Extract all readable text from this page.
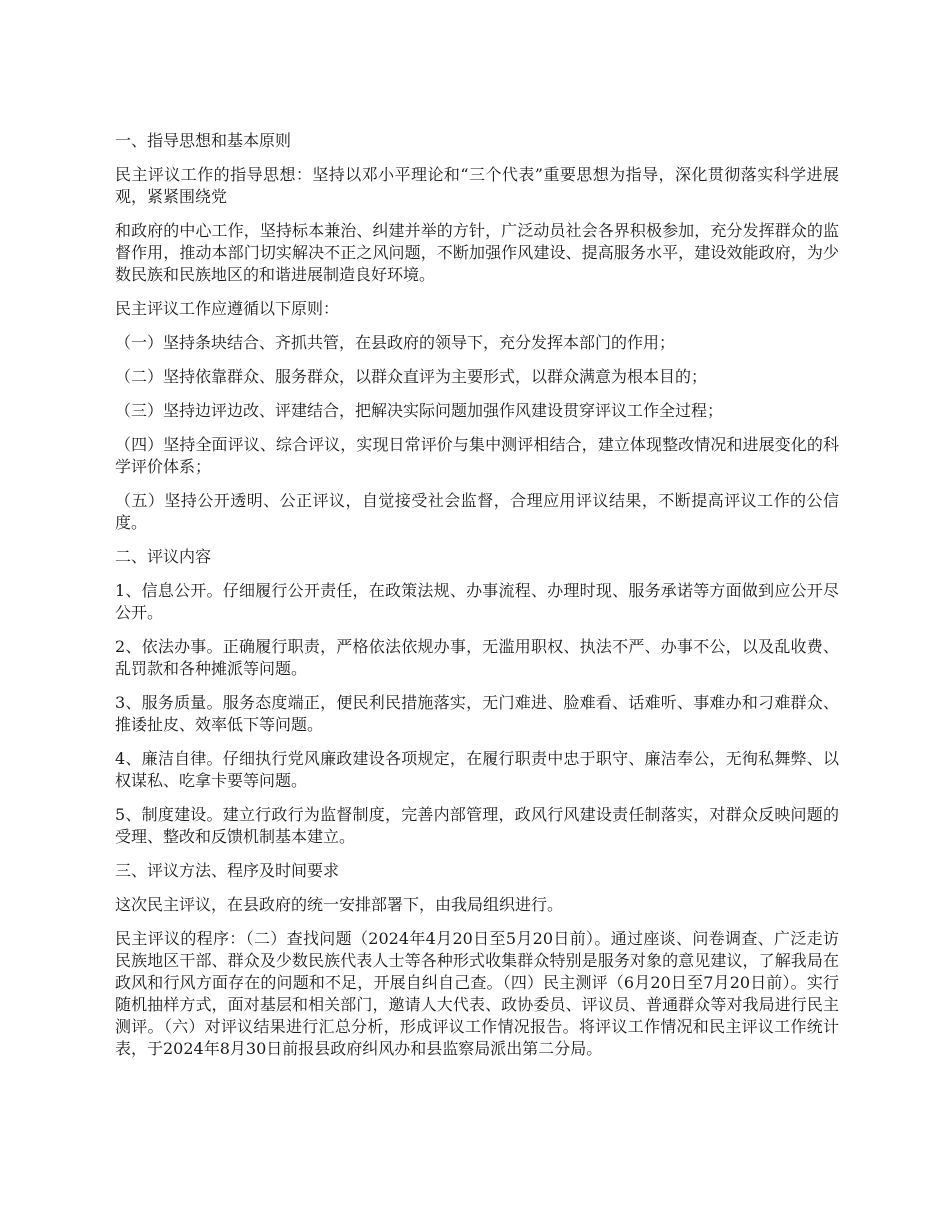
一、指导思想和基本原则

民主评议工作的指导思想：坚持以邓小平理论和“三个代表”重要思想为指导，深化贯彻落实科学进展观，紧紧围绕党

和政府的中心工作，坚持标本兼治、纠建并举的方针，广泛动员社会各界积极参加，充分发挥群众的监督作用，推动本部门切实解决不正之风问题，不断加强作风建设、提高服务水平，建设效能政府，为少数民族和民族地区的和谐进展制造良好环境。

民主评议工作应遵循以下原则：

（一）坚持条块结合、齐抓共管，在县政府的领导下，充分发挥本部门的作用；

（二）坚持依靠群众、服务群众，以群众直评为主要形式，以群众满意为根本目的；

（三）坚持边评边改、评建结合，把解决实际问题加强作风建设贯穿评议工作全过程；

（四）坚持全面评议、综合评议，实现日常评价与集中测评相结合，建立体现整改情况和进展变化的科学评价体系；

（五）坚持公开透明、公正评议，自觉接受社会监督，合理应用评议结果，不断提高评议工作的公信度。

二、评议内容

1、信息公开。仔细履行公开责任，在政策法规、办事流程、办理时现、服务承诺等方面做到应公开尽公开。

2、依法办事。正确履行职责，严格依法依规办事，无滥用职权、执法不严、办事不公，以及乱收费、乱罚款和各种摊派等问题。

3、服务质量。服务态度端正，便民利民措施落实，无门难进、脸难看、话难听、事难办和刁难群众、推诿扯皮、效率低下等问题。

4、廉洁自律。仔细执行党风廉政建设各项规定，在履行职责中忠于职守、廉洁奉公，无徇私舞弊、以权谋私、吃拿卡要等问题。

5、制度建设。建立行政行为监督制度，完善内部管理，政风行风建设责任制落实，对群众反映问题的受理、整改和反馈机制基本建立。

三、评议方法、程序及时间要求

这次民主评议，在县政府的统一安排部署下，由我局组织进行。

民主评议的程序：（二）查找问题（2024年4月20日至5月20日前）。通过座谈、问卷调查、广泛走访民族地区干部、群众及少数民族代表人士等各种形式收集群众特别是服务对象的意见建议，了解我局在政风和行风方面存在的问题和不足，开展自纠自己查。（四）民主测评（6月20日至7月20日前）。实行随机抽样方式，面对基层和相关部门，邀请人大代表、政协委员、评议员、普通群众等对我局进行民主测评。（六）对评议结果进行汇总分析，形成评议工作情况报告。将评议工作情况和民主评议工作统计表，于2024年8月30日前报县政府纠风办和县监察局派出第二分局。
